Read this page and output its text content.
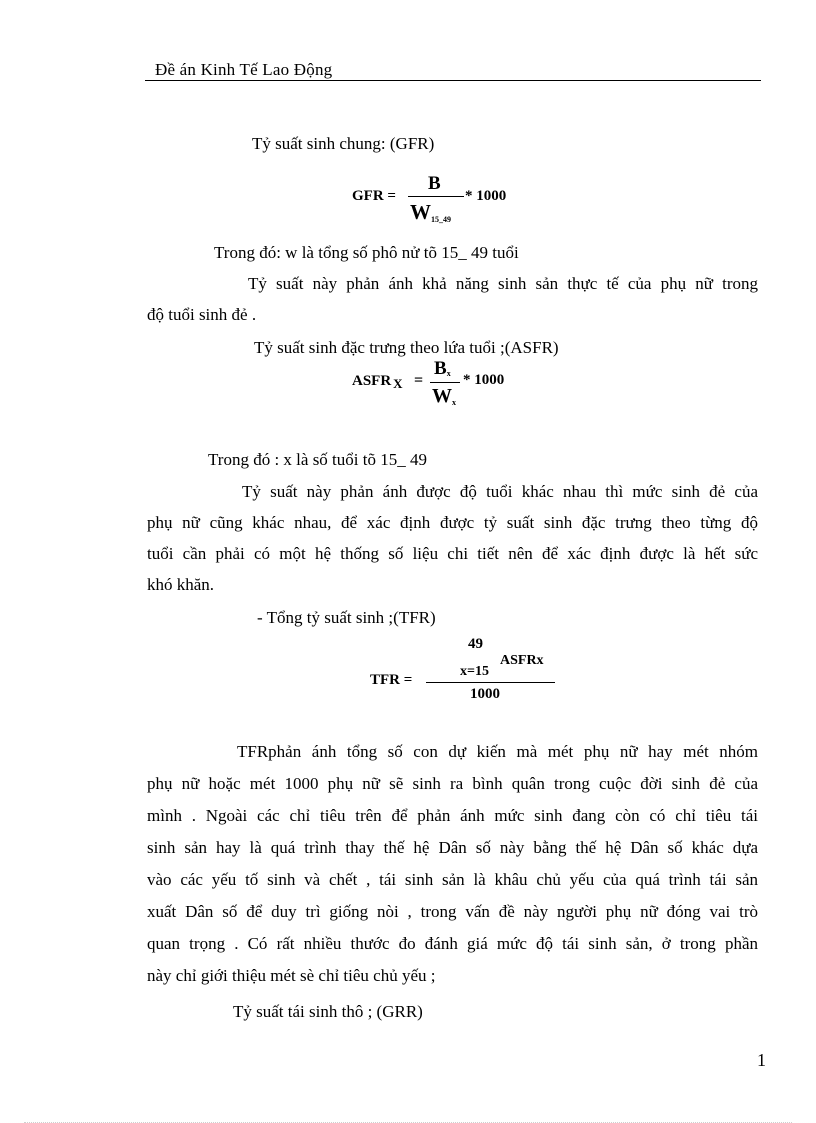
Đề án Kinh Tế Lao Động
Tỷ suất sinh chung: (GFR)
GFR =
B
W15_49
* 1000
Trong đó: w là tổng số phô nử tõ 15_ 49 tuổi
Tỷ suất này phản ánh khả năng sinh sản thực tế của phụ nữ trong
độ tuổi sinh đẻ .
Tỷ suất sinh đặc trưng theo lứa tuổi ;(ASFR)
ASFR X =
Bx
Wx
* 1000
Trong đó : x là số tuổi tõ 15_ 49
Tỷ suất này phản ánh được độ tuổi khác nhau thì mức sinh đẻ của
phụ nữ cũng khác nhau, để xác định được tỷ suất sinh đặc trưng theo từng độ
tuổi cần phải có một hệ thống số liệu chi tiết nên để xác định được là hết sức
khó khăn.
- Tổng tỷ suất sinh ;(TFR)
49
TFR =
x=15
ASFRx
1000
TFRphản ánh tổng số con dự kiến mà mét phụ nữ hay mét nhóm
phụ nữ hoặc mét 1000 phụ nữ sẽ sinh ra bình quân trong cuộc đời sinh đẻ của
mình . Ngoài các chỉ tiêu trên để phản ánh mức sinh đang còn có chỉ tiêu tái
sinh sản hay là quá trình thay thế hệ Dân số này bằng thế hệ Dân số khác dựa
vào các yếu tố sinh và chết , tái sinh sản là khâu chủ yếu của quá trình tái sản
xuất Dân số để duy trì giống nòi , trong vấn đề này người phụ nữ đóng vai trò
quan trọng . Có rất nhiều thước đo đánh giá mức độ tái sinh sản, ở trong phần
này chỉ giới thiệu mét sè chỉ tiêu chủ yếu ;
Tỷ suất tái sinh thô ; (GRR)
1
